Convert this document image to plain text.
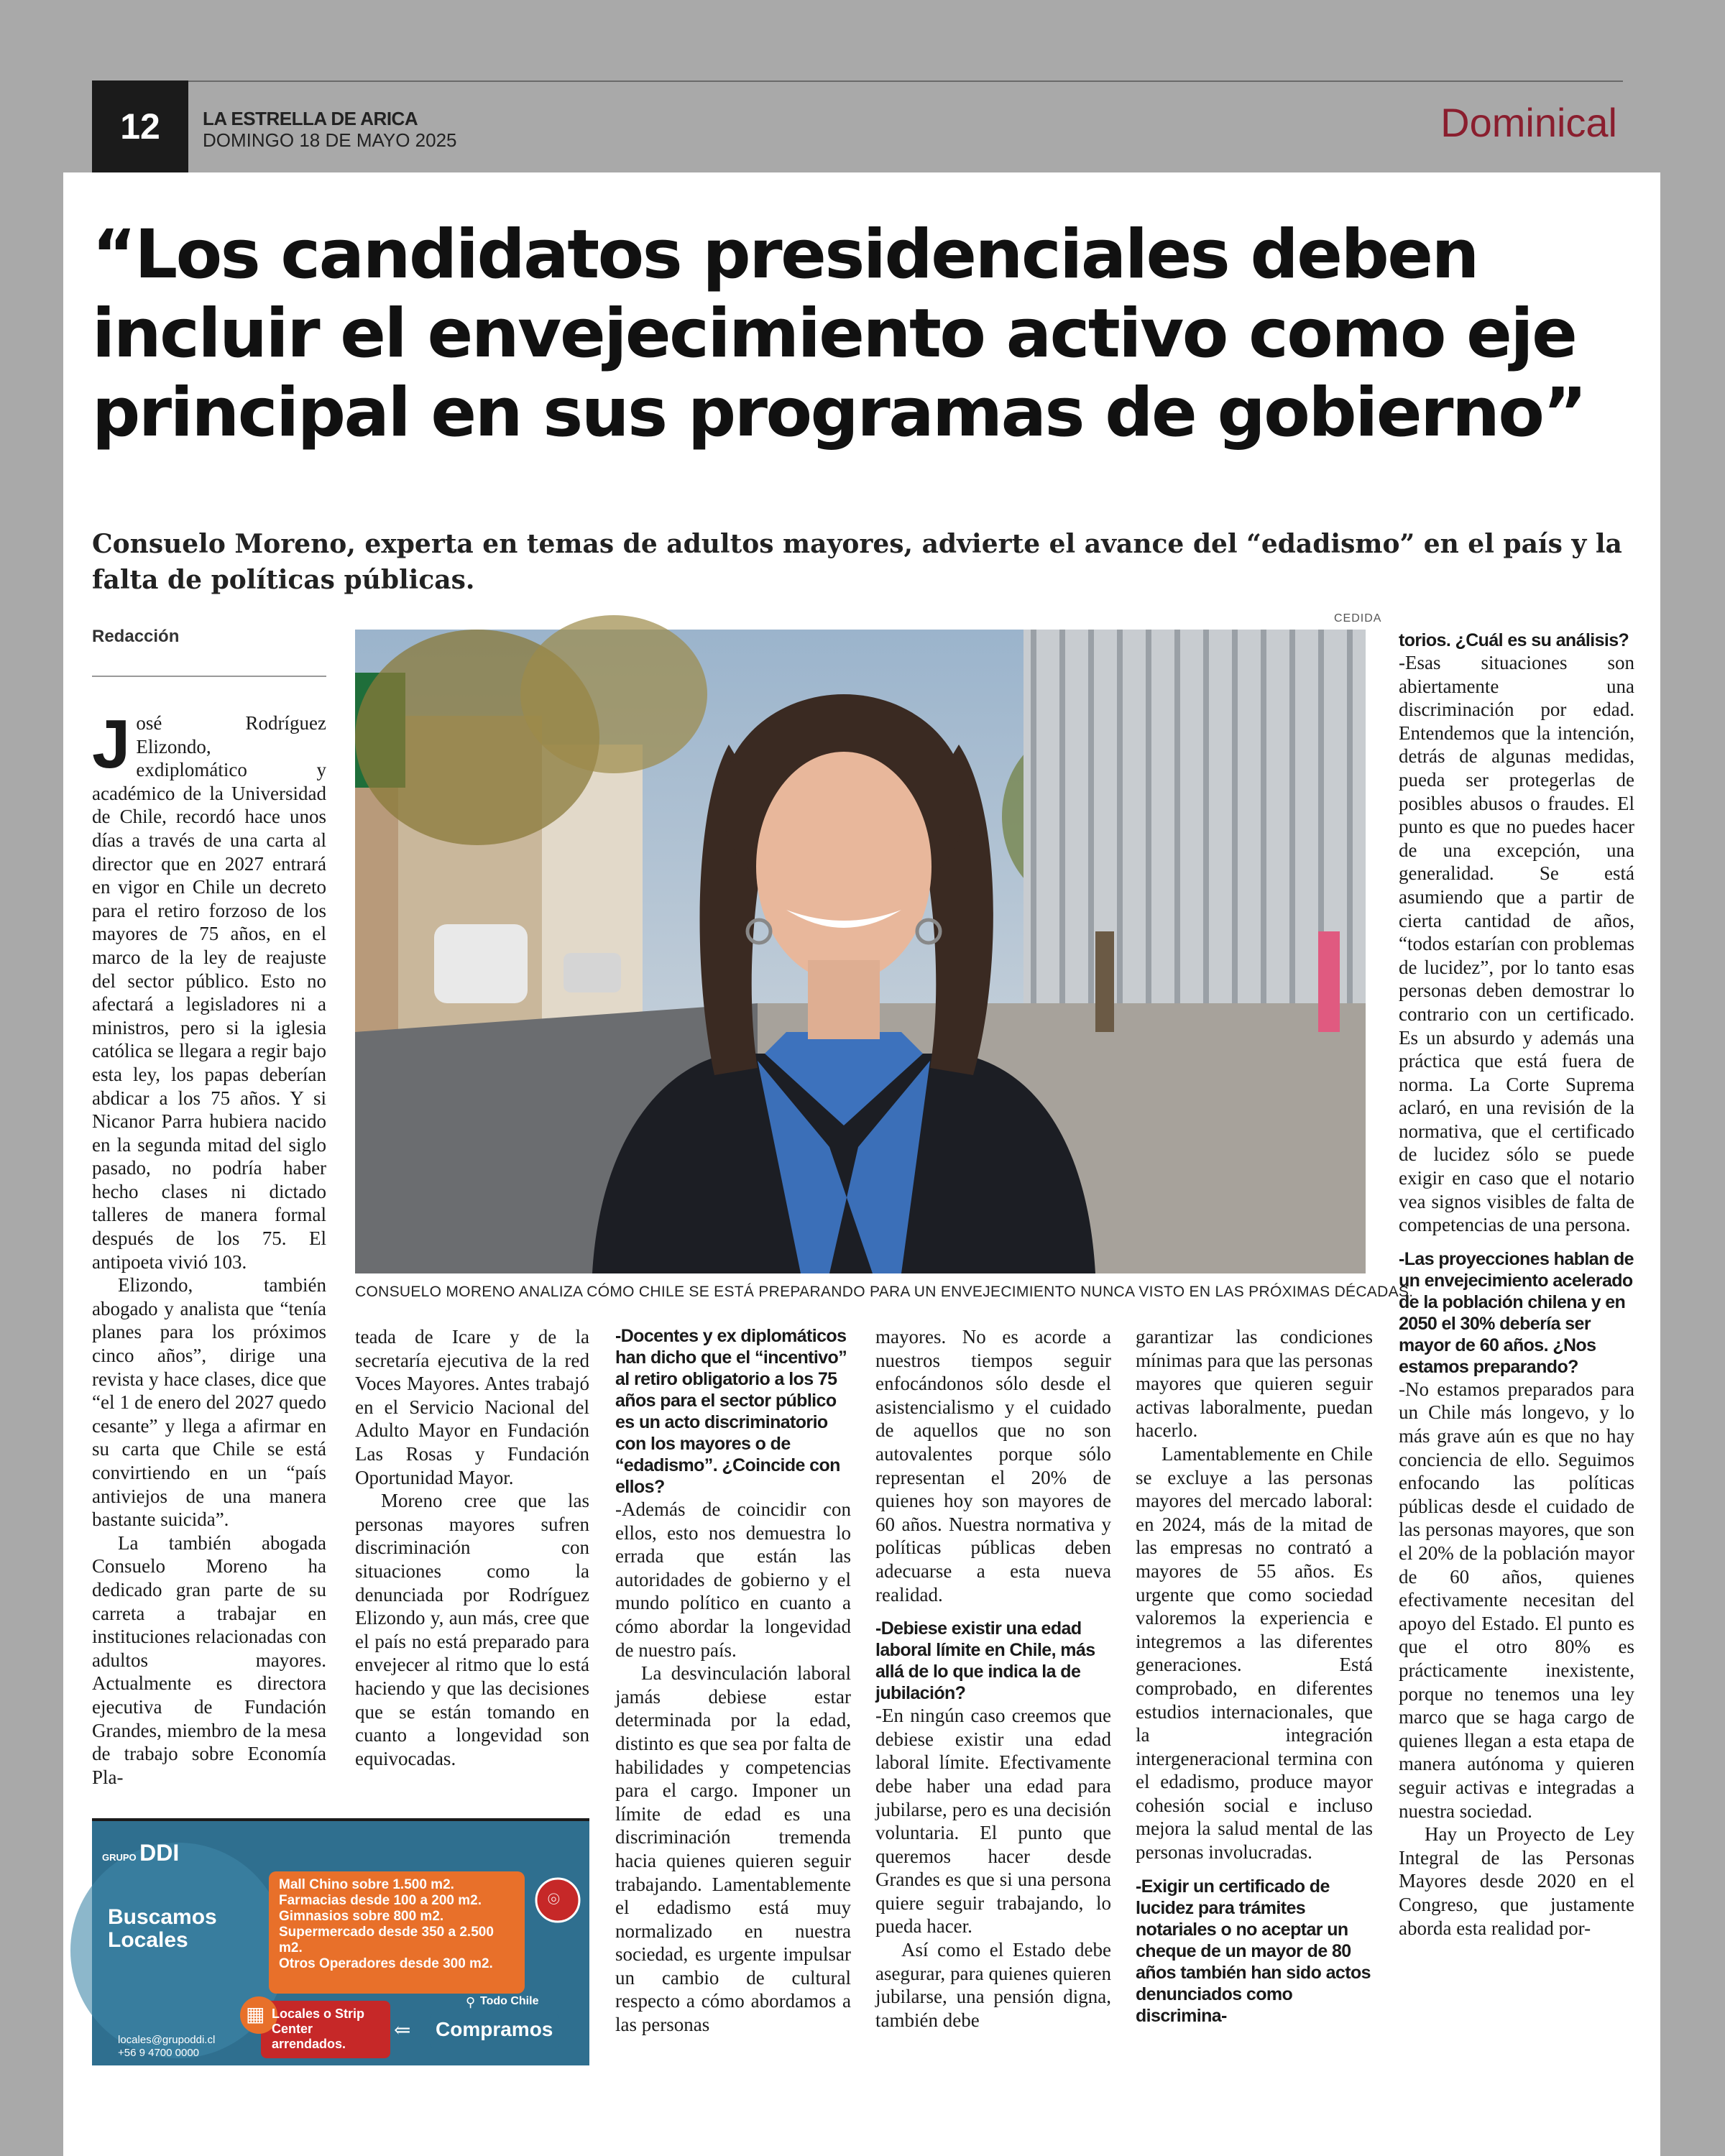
12	LA ESTRELLA DE ARICA
DOMINGO 18 DE MAYO 2025	Dominical
“Los candidatos presidenciales deben incluir el envejecimiento activo como eje principal en sus programas de gobierno”

Consuelo Moreno, experta en temas de adultos mayores, advierte el avance del “edadismo” en el país y la falta de políticas públicas.

Redacción
CEDIDA

José Rodríguez Elizondo, exdiplomático y académico de la Universidad de Chile, recordó hace unos días a través de una carta al director que en 2027 entrará en vigor en Chile un decreto para el retiro forzoso de los mayores de 75 años, en el marco de la ley de reajuste del sector público. Esto no afectará a legisladores ni a ministros, pero si la iglesia católica se llegara a regir bajo esta ley, los papas deberían abdicar a los 75 años. Y si Nicanor Parra hubiera nacido en la segunda mitad del siglo pasado, no podría haber hecho clases ni dictado talleres de manera formal después de los 75. El antipoeta vivió 103.

Elizondo, también abogado y analista que “tenía planes para los próximos cinco años”, dirige una revista y hace clases, dice que “el 1 de enero del 2027 quedo cesante” y llega a afirmar en su carta que Chile se está convirtiendo en un “país antiviejos de una manera bastante suicida”.

La también abogada Consuelo Moreno ha dedicado gran parte de su carreta a trabajar en instituciones relacionadas con adultos mayores. Actualmente es directora ejecutiva de Fundación Grandes, miembro de la mesa de trabajo sobre Economía Pla-

CONSUELO MORENO ANALIZA CÓMO CHILE SE ESTÁ PREPARANDO PARA UN ENVEJECIMIENTO NUNCA VISTO EN LAS PRÓXIMAS DÉCADAS.

torios. ¿Cuál es su análisis?

-Esas situaciones son abiertamente una discriminación por edad. Entendemos que la intención, detrás de algunas medidas, pueda ser protegerlas de posibles abusos o fraudes. El punto es que no puedes hacer de una excepción, una generalidad. Se está asumiendo que a partir de cierta cantidad de años, “todos estarían con problemas de lucidez”, por lo tanto esas personas deben demostrar lo contrario con un certificado. Es un absurdo y además una práctica que está fuera de norma. La Corte Suprema aclaró, en una revisión de la normativa, que el certificado de lucidez sólo se puede exigir en caso que el notario vea signos visibles de falta de competencias de una persona.

-Las proyecciones hablan de un envejecimiento acelerado de la población chilena y en 2050 el 30% debería ser mayor de 60 años. ¿Nos estamos preparando?

-No estamos preparados para un Chile más longevo, y lo más grave aún es que no hay conciencia de ello. Seguimos enfocando las políticas públicas desde el cuidado de las personas mayores, que son el 20% de la población mayor de 60 años, quienes efectivamente necesitan del apoyo del Estado. El punto es que el otro 80% es prácticamente inexistente, porque no tenemos una ley marco que se haga cargo de quienes llegan a esta etapa de manera autónoma y quieren seguir activas e integradas a nuestra sociedad.

Hay un Proyecto de Ley Integral de las Personas Mayores desde 2020 en el Congreso, que justamente aborda esta realidad por-

teada de Icare y de la secretaría ejecutiva de la red Voces Mayores. Antes trabajó en el Servicio Nacional del Adulto Mayor en Fundación Las Rosas y Fundación Oportunidad Mayor.

Moreno cree que las personas mayores sufren discriminación con situaciones como la denunciada por Rodríguez Elizondo y, aun más, cree que el país no está preparado para envejecer al ritmo que lo está haciendo y que las decisiones que se están tomando en cuanto a longevidad son equivocadas.

-Docentes y ex diplomáticos han dicho que el “incentivo” al retiro obligatorio a los 75 años para el sector público es un acto discriminatorio con los mayores o de “edadismo”. ¿Coincide con ellos?

-Además de coincidir con ellos, esto nos demuestra lo errada que están las autoridades de gobierno y el mundo político en cuanto a cómo abordar la longevidad de nuestro país.

La desvinculación laboral jamás debiese estar determinada por la edad, distinto es que sea por falta de habilidades y competencias para el cargo. Imponer un límite de edad es una discriminación tremenda hacia quienes quieren seguir trabajando. Lamentablemente el edadismo está muy normalizado en nuestra sociedad, es urgente impulsar un cambio de cultural respecto a cómo abordamos a las personas

mayores. No es acorde a nuestros tiempos seguir enfocándonos sólo desde el asistencialismo y el cuidado de aquellos que no son autovalentes porque sólo representan el 20% de quienes hoy son mayores de 60 años. Nuestra normativa y políticas públicas deben adecuarse a esta nueva realidad.

-Debiese existir una edad laboral límite en Chile, más allá de lo que indica la de jubilación?

-En ningún caso creemos que debiese existir una edad laboral límite. Efectivamente debe haber una edad para jubilarse, pero es una decisión voluntaria. El punto que queremos hacer desde Grandes es que si una persona quiere seguir trabajando, lo pueda hacer.

Así como el Estado debe asegurar, para quienes quieren jubilarse, una pensión digna, también debe

garantizar las condiciones mínimas para que las personas mayores que quieren seguir activas laboralmente, puedan hacerlo.

Lamentablemente en Chile se excluye a las personas mayores del mercado laboral: en 2024, más de la mitad de las empresas no contrató a mayores de 55 años. Es urgente que como sociedad valoremos la experiencia e integremos a las diferentes generaciones. Está comprobado, en diferentes estudios internacionales, que la integración intergeneracional termina con el edadismo, produce mayor cohesión social e incluso mejora la salud mental de las personas involucradas.

-Exigir un certificado de lucidez para trámites notariales o no aceptar un cheque de un mayor de 80 años también han sido actos denunciados como discrimina-

GRUPO DDI
Buscamos Locales
Mall Chino sobre 1.500 m2.
Farmacias desde 100 a 200 m2.
Gimnasios sobre 800 m2.
Supermercado desde 350 a 2.500 m2.
Otros Operadores desde 300 m2.
⌾
▦ Locales o Strip Center arrendados.
⇐
⚲ Todo Chile
Compramos
locales@grupoddi.cl
+56 9 4700 0000
